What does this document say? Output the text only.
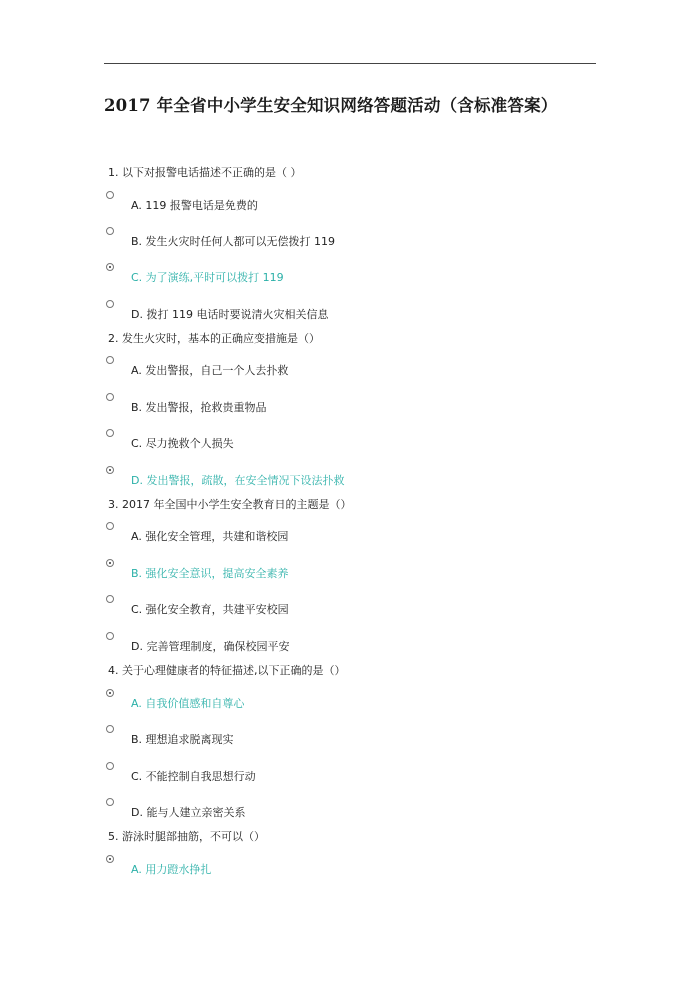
2017 年全省中小学生安全知识网络答题活动（含标准答案）
1. 以下对报警电话描述不正确的是（ ）
A. 119 报警电话是免费的
B. 发生火灾时任何人都可以无偿拨打 119
C. 为了演练,平时可以拨打 119
D. 拨打 119 电话时要说清火灾相关信息
2. 发生火灾时，基本的正确应变措施是（）
A. 发出警报，自己一个人去扑救
B. 发出警报，抢救贵重物品
C. 尽力挽救个人损失
D. 发出警报，疏散，在安全情况下设法扑救
3. 2017 年全国中小学生安全教育日的主题是（）
A. 强化安全管理，共建和谐校园
B. 强化安全意识，提高安全素养
C. 强化安全教育，共建平安校园
D. 完善管理制度，确保校园平安
4. 关于心理健康者的特征描述,以下正确的是（）
A. 自我价值感和自尊心
B. 理想追求脱离现实
C. 不能控制自我思想行动
D. 能与人建立亲密关系
5. 游泳时腿部抽筋，不可以（）
A. 用力蹬水挣扎
